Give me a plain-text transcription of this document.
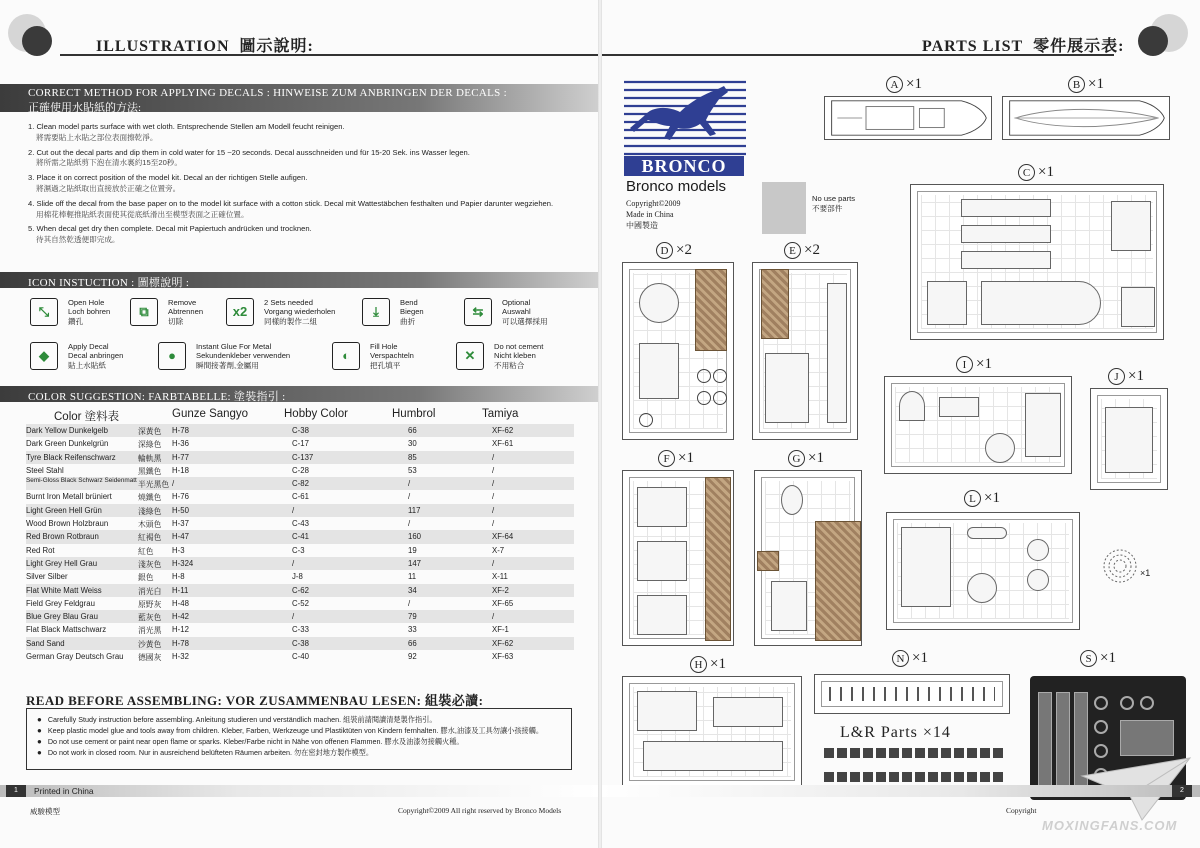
ILLUSTRATION 圖示說明:
CORRECT METHOD FOR APPLYING DECALS : HINWEISE ZUM ANBRINGEN DER DECALS :
正確使用水貼紙的方法:
1. Clean model parts surface with wet cloth. Entsprechende Stellen am Modell feucht reinigen.
將需要貼上水貼之部位表面擦乾淨。
2. Cut out the decal parts and dip them in cold water for 15 ~20 seconds. Decal ausschneiden und für 15-20 Sek. ins Wasser legen.
將所需之貼紙剪下泡在清水裏約15至20秒。
3. Place it on correct position of the model kit. Decal an der richtigen Stelle aufigen.
將濕過之貼紙取出直接放於正確之位置旁。
4. Slide off the decal from the base paper on to the model kit surface with a cotton stick. Decal mit Wattestäbchen festhalten und Papier darunter wegziehen.
用棉花棒輕推貼紙表面使其從底紙滑出至模型表面之正確位置。
5. When decal get dry then complete. Decal mit Papiertuch andrücken und trocknen.
待其自然乾透便即完成。
ICON INSTUCTION : 圖標說明 :
⤡
Open Hole
Loch bohren
鑽孔
⧉
Remove
Abtrennen
切除
x2
2 Sets needed
Vorgang wiederholen
同樣的製作二組
⤓
Bend
Biegen
曲折
⇆
Optional
Auswahl
可以選擇採用
◆
Apply Decal
Decal anbringen
貼上水貼紙
●
Instant Glue For Metal
Sekundenkleber verwenden
瞬間接著劑,金屬用
◐
Fill Hole
Verspachteln
把孔填平
✕
Do not cement
Nicht kleben
不用粘合
COLOR SUGGESTION: FARBTABELLE: 塗裝指引 :
Color 塗料表	Gunze Sangyo	Hobby Color	Humbrol	Tamiya
Dark Yellow Dunkelgelb	深黃色 H-78	C-38	66	XF-62
Dark Green Dunkelgrün	深綠色 H-36	C-17	30	XF-61
Tyre Black Reifenschwarz	輪軌黑 H-77	C-137	85	/
Steel Stahl	黑鐵色 H-18	C-28	53	/
Semi-Gloss Black Schwarz Seidenmatt 半光黑色 /	C-82	/	/
Burnt Iron Metall brüniert	燒鐵色 H-76	C-61	/	/
Light Green Hell Grün	淺綠色 H-50	/	117	/
Wood Brown Holzbraun	木頭色 H-37	C-43	/	/
Red Brown Rotbraun	紅褐色 H-47	C-41	160	XF-64
Red Rot	紅色 H-3	C-3	19	X-7
Light Grey Hell Grau	淺灰色 H-324	/	147	/
Silver Silber	銀色 H-8	J-8	11	X-11
Flat White Matt Weiss	消光白 H-11	C-62	34	XF-2
Field Grey Feldgrau	原野灰 H-48	C-52	/	XF-65
Blue Grey Blau Grau	藍灰色 H-42	/	79	/
Flat Black Mattschwarz	消光黑 H-12	C-33	33	XF-1
Sand Sand	沙黃色 H-78	C-38	66	XF-62
German Gray Deutsch Grau 德國灰 H-32	C-40	92	XF-63
READ BEFORE ASSEMBLING: VOR ZUSAMMENBAU LESEN: 組裝必讀:
● Carefully Study instruction before assembling. Anleitung studieren und verständlich machen. 組裝前請閱讀清楚製作指引。
● Keep plastic model glue and tools away from children. Kleber, Farben, Werkzeuge und Plastiktüten von Kindern fernhalten. 膠水,油漆及工具勿讓小孩接觸。
● Do not use cement or paint near open flame or sparks. Kleber/Farbe nicht in Nähe von offenen Flammen. 膠水及油漆勿接觸火種。
● Do not work in closed room. Nur in ausreichend belüfteten Räumen arbeiten. 勿在密封地方製作模型。
1	Printed in China
威駿模型	Copyright©2009 All right reserved by Bronco Models
PARTS LIST 零件展示表:
BRONCO
Bronco models
Copyright©2009
Made in China
中國製造
No use parts
不要部件
A ×1	B ×1
C ×1
D ×2	E ×2
I ×1
J ×1
F ×1	G ×1
L ×1
H ×1	N ×1	S ×1
×1
L&R Parts ×14
2
Copyright
MOXINGFANS.COM
